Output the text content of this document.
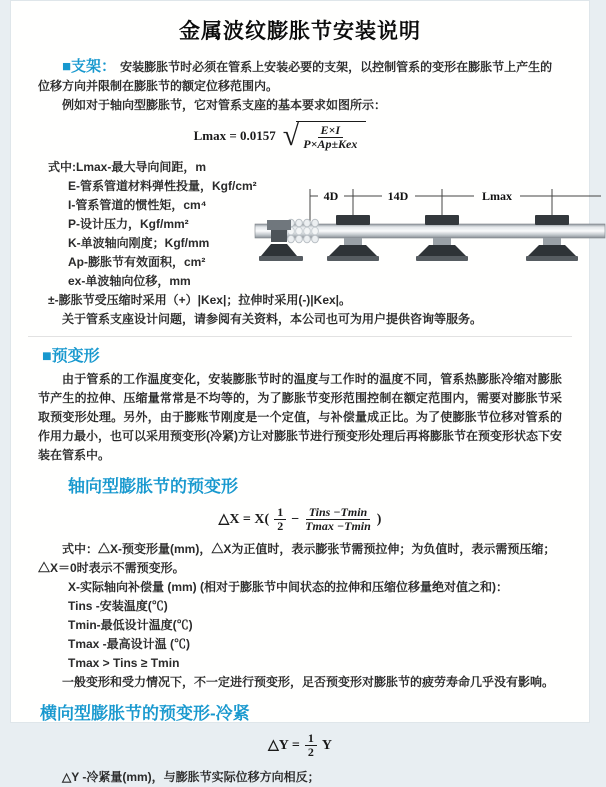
金属波纹膨胀节安装说明

■支架： 安装膨胀节时必须在管系上安装必要的支架，以控制管系的变形在膨胀节上产生的位移方向并限制在膨胀节的额定位移范围内。

例如对于轴向型膨胀节，它对管系支座的基本要求如图所示：

Lmax = 0.0157 √ $\frac{E\times I}{\text{P×Ap±Kex}}$
式中:Lmax-最大导向间距，m
E-管系管道材料弹性投量，Kgf/cm²
I-管系管道的惯性矩，cm⁴
P-设计压力，Kgf/mm²
K-单波轴向刚度；Kgf/mm
Ap-膨胀节有效面积，cm²
ex-单波轴向位移，mm
4D	14D	Lmax

±-膨胀节受压缩时采用（+）|Kex|；拉伸时采用(-)|Kex|。

关于管系支座设计问题，请参阅有关资料，本公司也可为用户提供咨询等服务。

■预变形

由于管系的工作温度变化，安装膨胀节时的温度与工作时的温度不同，管系热膨胀冷缩对膨胀节产生的拉伸、压缩量常常是不均等的，为了膨胀节变形范围控制在额定范围内，需要对膨胀节采取预变形处理。另外，由于膨账节刚度是一个定值，与补偿量成正比。为了使膨胀节位移对管系的作用力最小，也可以采用预变形(冷紧)方让对膨胀节进行预变形处理后再将膨胀节在预变形状态下安装在管系中。

轴向型膨胀节的预变形
△X = $X( \frac{1}{2} - \frac{\text{Tins −Tmin}}{Tmax -Tmin}$ )

式中：△X-预变形量(mm)，△X为正值时，表示膨张节需预拉伸；为负值时，表示需预压缩；△X＝0时表示不需预变形。

X-实际轴向补偿量 (mm) (相对于膨胀节中间状态的拉伸和压缩位移量绝对值之和)：

Tins -安装温度(℃)

Tmin-最低设计温度(℃)

Tmax -最高设计温 (℃)

Tmax > Tins ≥ Tmin

一般变形和受力情况下，不一定进行预变形，足否预变形对膨胀节的疲劳寿命几乎没有影响。

横向型膨胀节的预变形-冷紧
△Y = $\frac{1}{2}$ Y

△Y -冷紧量(mm)，与膨胀节实际位移方向相反；
